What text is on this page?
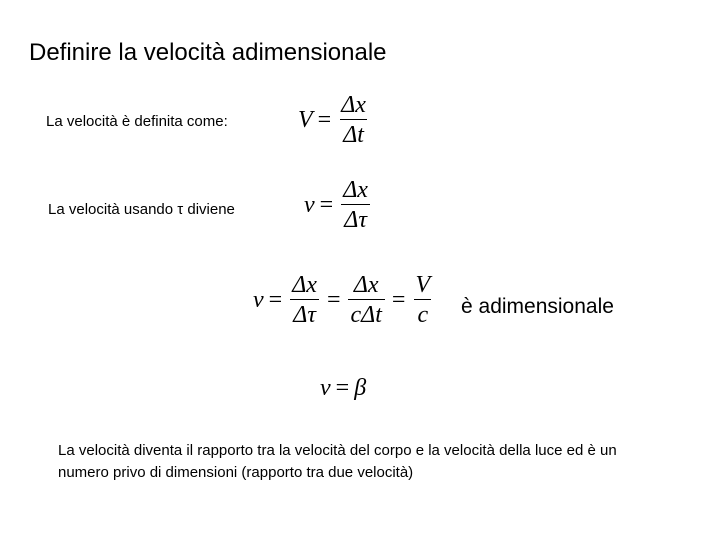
Definire la velocità adimensionale
La velocità è definita come:	$V = \frac{\Delta x}{\Delta t}$
La velocità usando τ diviene	$v = \frac{\Delta x}{\Delta\tau}$
$v = \frac{\Delta x}{\Delta\tau} = \frac{\Delta x}{\text{cΔt}} = \frac{V}{c}$ è adimensionale
v = β
La velocità diventa il rapporto tra la velocità del corpo e la velocità della luce ed è un numero privo di dimensioni (rapporto tra due velocità)
